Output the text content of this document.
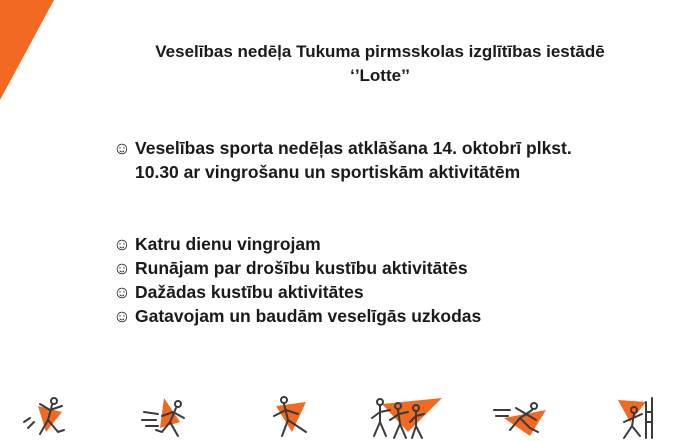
Veselības nedēļa Tukuma pirmsskolas izglītības iestādē
‘’Lotte’’
☺ Veselības sporta nedēļas atklāšana 14. oktobrī plkst.
10.30 ar vingrošanu un sportiskām aktivitātēm
☺ Katru dienu vingrojam
☺ Runājam par drošību kustību aktivitātēs
☺ Dažādas kustību aktivitātes
☺ Gatavojam un baudām veselīgās uzkodas
